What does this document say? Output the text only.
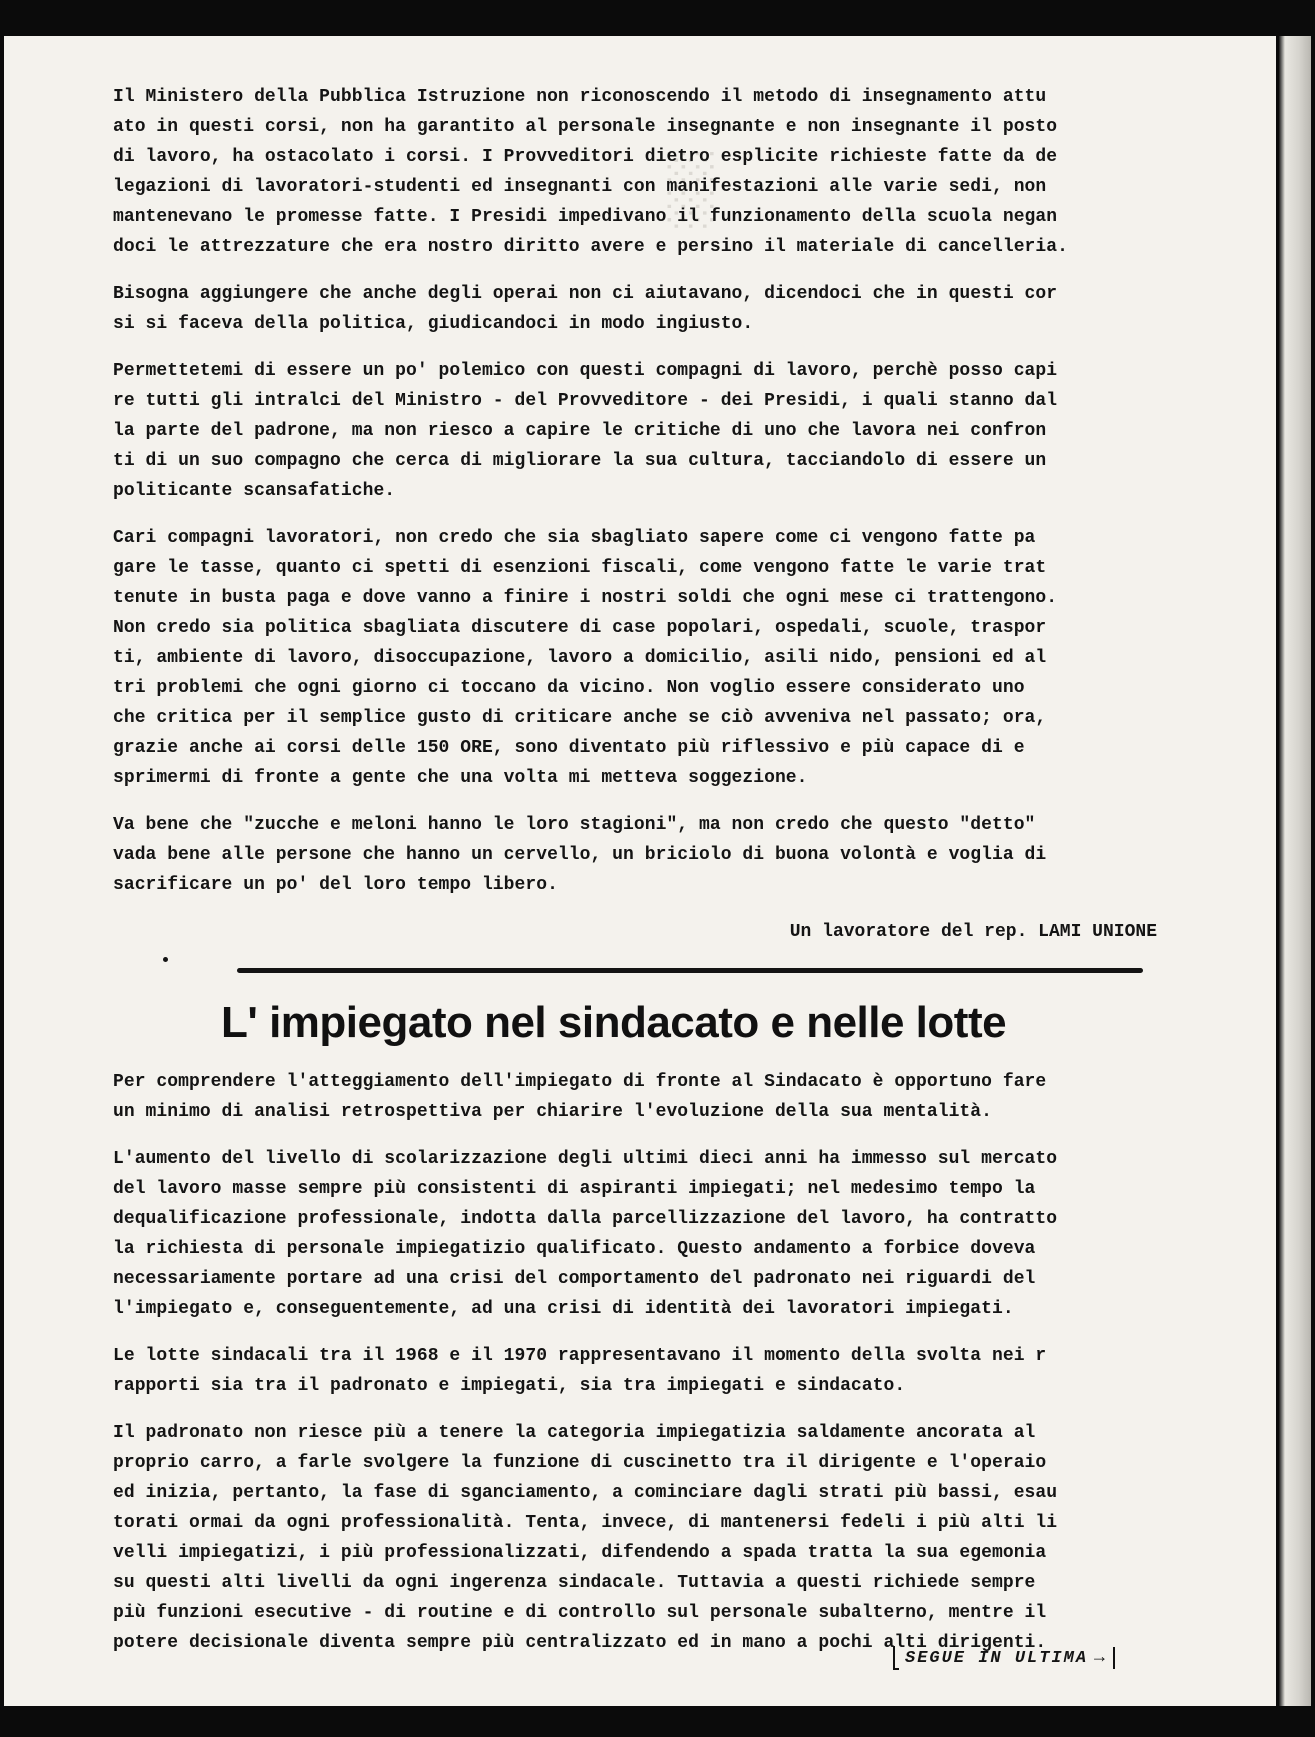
░

Il Ministero della Pubblica Istruzione non riconoscendo il metodo di insegnamento attu
ato in questi corsi, non ha garantito al personale insegnante e non insegnante il posto
di lavoro, ha ostacolato i corsi. I Provveditori dietro esplicite richieste fatte da de
legazioni di lavoratori-studenti ed insegnanti con manifestazioni alle varie sedi, non
mantenevano le promesse fatte. I Presidi impedivano il funzionamento della scuola negan
doci le attrezzature che era nostro diritto avere e persino il materiale di cancelleria.

Bisogna aggiungere che anche degli operai non ci aiutavano, dicendoci che in questi cor
si si faceva della politica, giudicandoci in modo ingiusto.

Permettetemi di essere un po' polemico con questi compagni di lavoro, perchè posso capi
re tutti gli intralci del Ministro - del Provveditore - dei Presidi, i quali stanno dal
la parte del padrone, ma non riesco a capire le critiche di uno che lavora nei confron
ti di un suo compagno che cerca di migliorare la sua cultura, tacciandolo di essere un
politicante scansafatiche.

Cari compagni lavoratori, non credo che sia sbagliato sapere come ci vengono fatte pa
gare le tasse, quanto ci spetti di esenzioni fiscali, come vengono fatte le varie trat
tenute in busta paga e dove vanno a finire i nostri soldi che ogni mese ci trattengono.
Non credo sia politica sbagliata discutere di case popolari, ospedali, scuole, traspor
ti, ambiente di lavoro, disoccupazione, lavoro a domicilio, asili nido, pensioni ed al
tri problemi che ogni giorno ci toccano da vicino. Non voglio essere considerato uno
che critica per il semplice gusto di criticare anche se ciò avveniva nel passato; ora,
grazie anche ai corsi delle 150 ORE, sono diventato più riflessivo e più capace di e
sprimermi di fronte a gente che una volta mi metteva soggezione.

Va bene che "zucche e meloni hanno le loro stagioni", ma non credo che questo "detto"
vada bene alle persone che hanno un cervello, un briciolo di buona volontà e voglia di
sacrificare un po' del loro tempo libero.

Un lavoratore del rep. LAMI UNIONE
L' impiegato nel sindacato e nelle lotte

Per comprendere l'atteggiamento dell'impiegato di fronte al Sindacato è opportuno fare
un minimo di analisi retrospettiva per chiarire l'evoluzione della sua mentalità.

L'aumento del livello di scolarizzazione degli ultimi dieci anni ha immesso sul mercato
del lavoro masse sempre più consistenti di aspiranti impiegati; nel medesimo tempo la
dequalificazione professionale, indotta dalla parcellizzazione del lavoro, ha contratto
la richiesta di personale impiegatizio qualificato. Questo andamento a forbice doveva
necessariamente portare ad una crisi del comportamento del padronato nei riguardi del
l'impiegato e, conseguentemente, ad una crisi di identità dei lavoratori impiegati.

Le lotte sindacali tra il 1968 e il 1970 rappresentavano il momento della svolta nei r
rapporti sia tra il padronato e impiegati, sia tra impiegati e sindacato.

Il padronato non riesce più a tenere la categoria impiegatizia saldamente ancorata al
proprio carro, a farle svolgere la funzione di cuscinetto tra il dirigente e l'operaio
ed inizia, pertanto, la fase di sganciamento, a cominciare dagli strati più bassi, esau
torati ormai da ogni professionalità. Tenta, invece, di mantenersi fedeli i più alti li
velli impiegatizi, i più professionalizzati, difendendo a spada tratta la sua egemonia
su questi alti livelli da ogni ingerenza sindacale. Tuttavia a questi richiede sempre
più funzioni esecutive - di routine e di controllo sul personale subalterno, mentre il
potere decisionale diventa sempre più centralizzato ed in mano a pochi alti dirigenti.

SEGUE IN ULTIMA →
